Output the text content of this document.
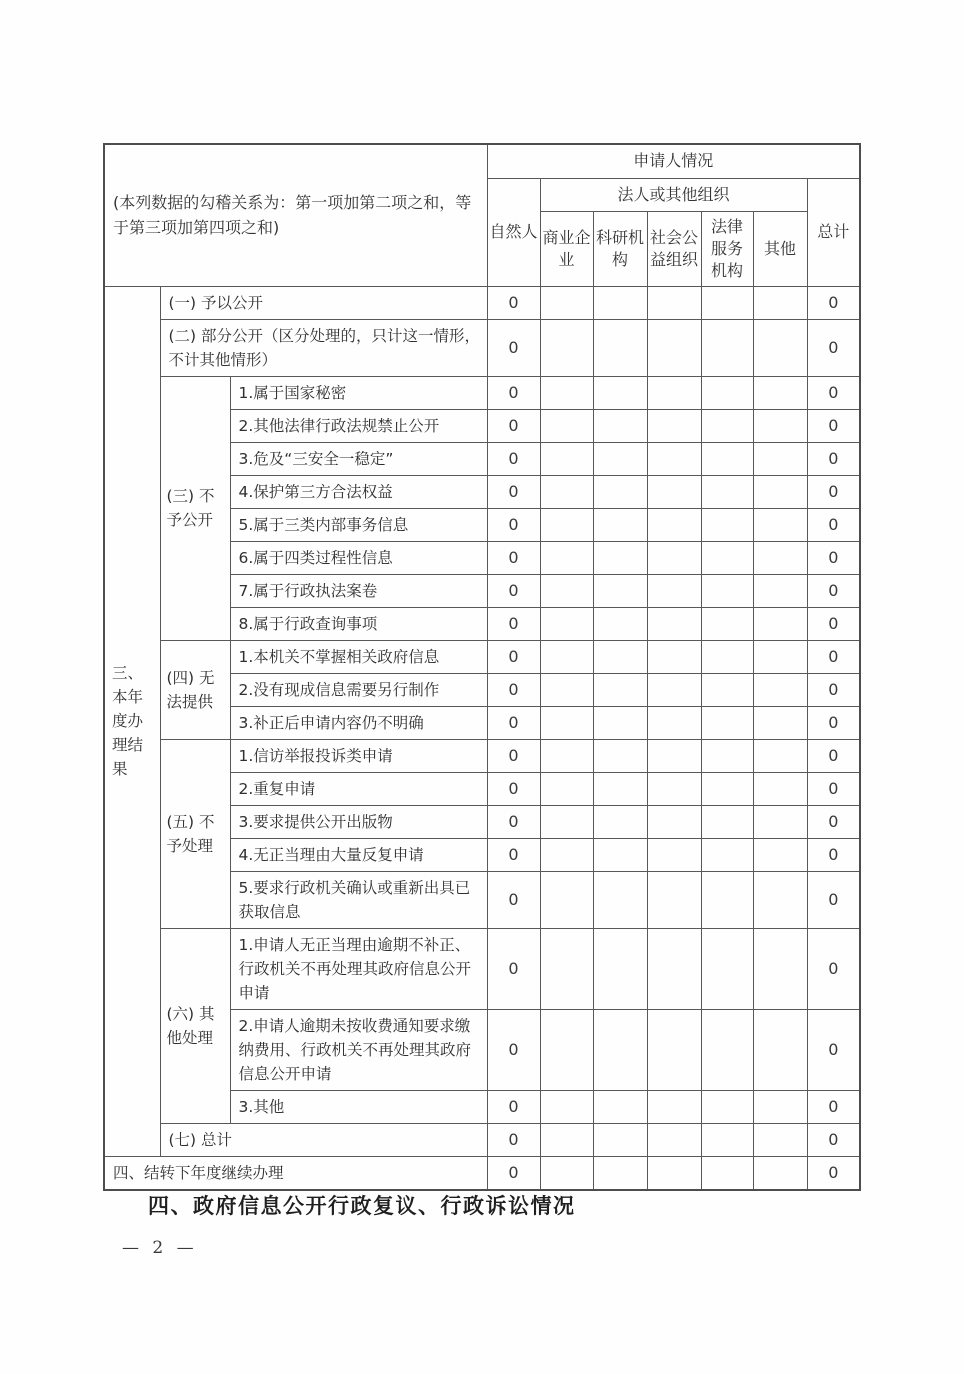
(本列数据的勾稽关系为：第一项加第二项之和，等于第三项加第四项之和)			申请人情况						
			自然人	法人或其他组织					总计
				商业企业	科研机构	社会公益组织	法律服务机构	其他	
三、本年度办理结果	(一) 予以公开		0						0
	(二) 部分公开（区分处理的，只计这一情形，不计其他情形）		0						0
	(三) 不予公开	1.属于国家秘密	0						0
		2.其他法律行政法规禁止公开	0						0
		3.危及“三安全一稳定”	0						0
		4.保护第三方合法权益	0						0
		5.属于三类内部事务信息	0						0
		6.属于四类过程性信息	0						0
		7.属于行政执法案卷	0						0
		8.属于行政查询事项	0						0
	(四) 无法提供	1.本机关不掌握相关政府信息	0						0
		2.没有现成信息需要另行制作	0						0
		3.补正后申请内容仍不明确	0						0
	(五) 不予处理	1.信访举报投诉类申请	0						0
		2.重复申请	0						0
		3.要求提供公开出版物	0						0
		4.无正当理由大量反复申请	0						0
		5.要求行政机关确认或重新出具已获取信息	0						0
	(六) 其他处理	1.申请人无正当理由逾期不补正、行政机关不再处理其政府信息公开申请	0						0
		2.申请人逾期未按收费通知要求缴纳费用、行政机关不再处理其政府信息公开申请	0						0
		3.其他	0						0
	(七) 总计		0						0
四、结转下年度继续办理			0						0
四、政府信息公开行政复议、行政诉讼情况
— 2 —
